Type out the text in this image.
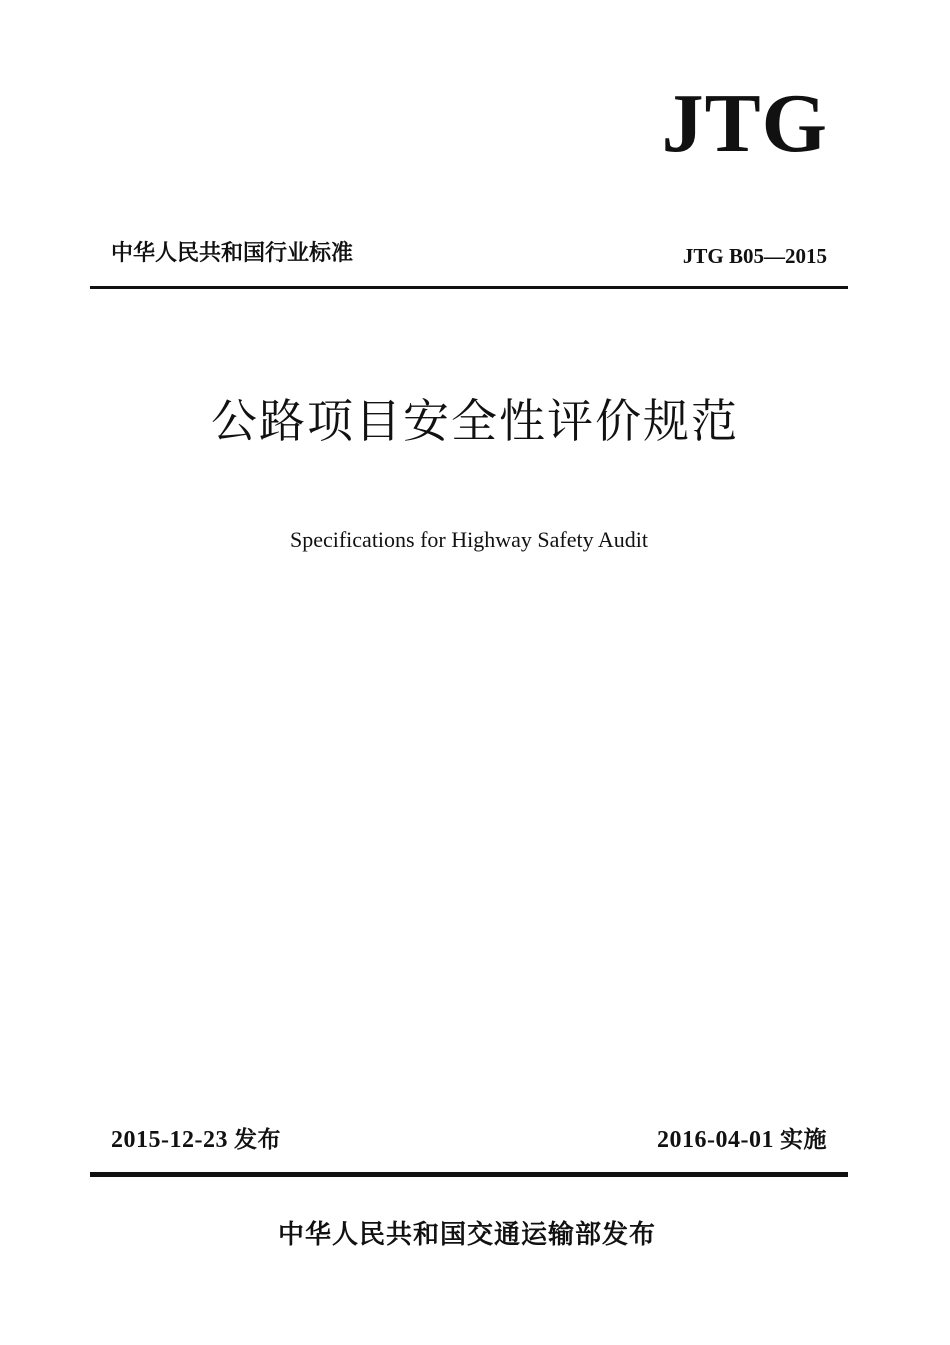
JTG
中华人民共和国行业标准	JTG B05—2015
公路项目安全性评价规范
Specifications for Highway Safety Audit
2015-12-23 发布	2016-04-01 实施
中华人民共和国交通运输部发布
